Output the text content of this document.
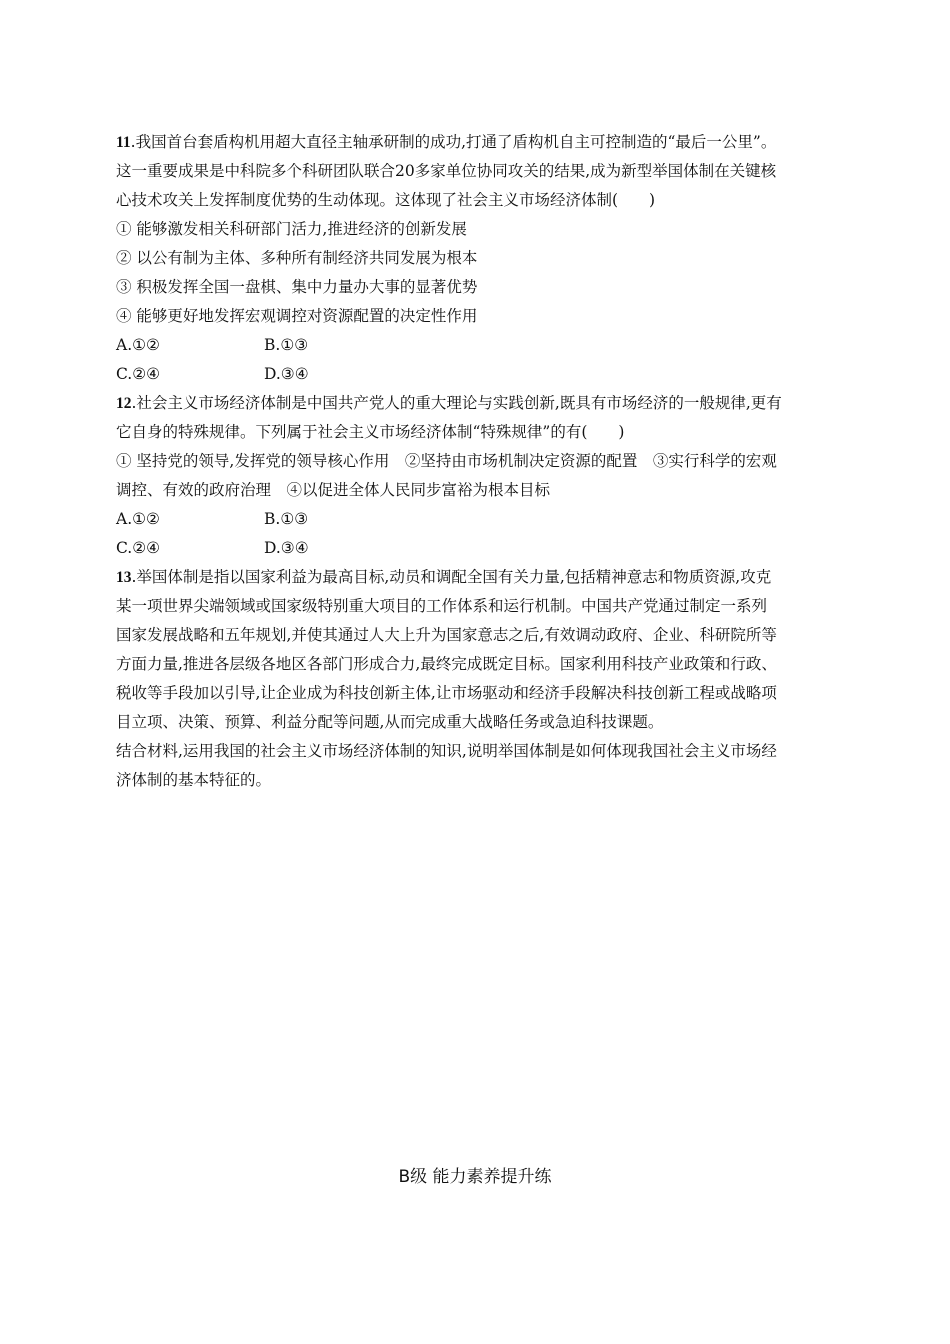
11.我国首台套盾构机用超大直径主轴承研制的成功,打通了盾构机自主可控制造的“最后一公里”。
这一重要成果是中科院多个科研团队联合20多家单位协同攻关的结果,成为新型举国体制在关键核
心技术攻关上发挥制度优势的生动体现。这体现了社会主义市场经济体制(　　)
① 能够激发相关科研部门活力,推进经济的创新发展
② 以公有制为主体、多种所有制经济共同发展为根本
③ 积极发挥全国一盘棋、集中力量办大事的显著优势
④ 能够更好地发挥宏观调控对资源配置的决定性作用
A.①②	B.①③
C.②④	D.③④
12.社会主义市场经济体制是中国共产党人的重大理论与实践创新,既具有市场经济的一般规律,更有
它自身的特殊规律。下列属于社会主义市场经济体制“特殊规律”的有(　　)
① 坚持党的领导,发挥党的领导核心作用　②坚持由市场机制决定资源的配置　③实行科学的宏观
调控、有效的政府治理　④以促进全体人民同步富裕为根本目标
A.①②	B.①③
C.②④	D.③④
13.举国体制是指以国家利益为最高目标,动员和调配全国有关力量,包括精神意志和物质资源,攻克
某一项世界尖端领域或国家级特别重大项目的工作体系和运行机制。中国共产党通过制定一系列
国家发展战略和五年规划,并使其通过人大上升为国家意志之后,有效调动政府、企业、科研院所等
方面力量,推进各层级各地区各部门形成合力,最终完成既定目标。国家利用科技产业政策和行政、
税收等手段加以引导,让企业成为科技创新主体,让市场驱动和经济手段解决科技创新工程或战略项
目立项、决策、预算、利益分配等问题,从而完成重大战略任务或急迫科技课题。
结合材料,运用我国的社会主义市场经济体制的知识,说明举国体制是如何体现我国社会主义市场经
济体制的基本特征的。
B级 能力素养提升练
